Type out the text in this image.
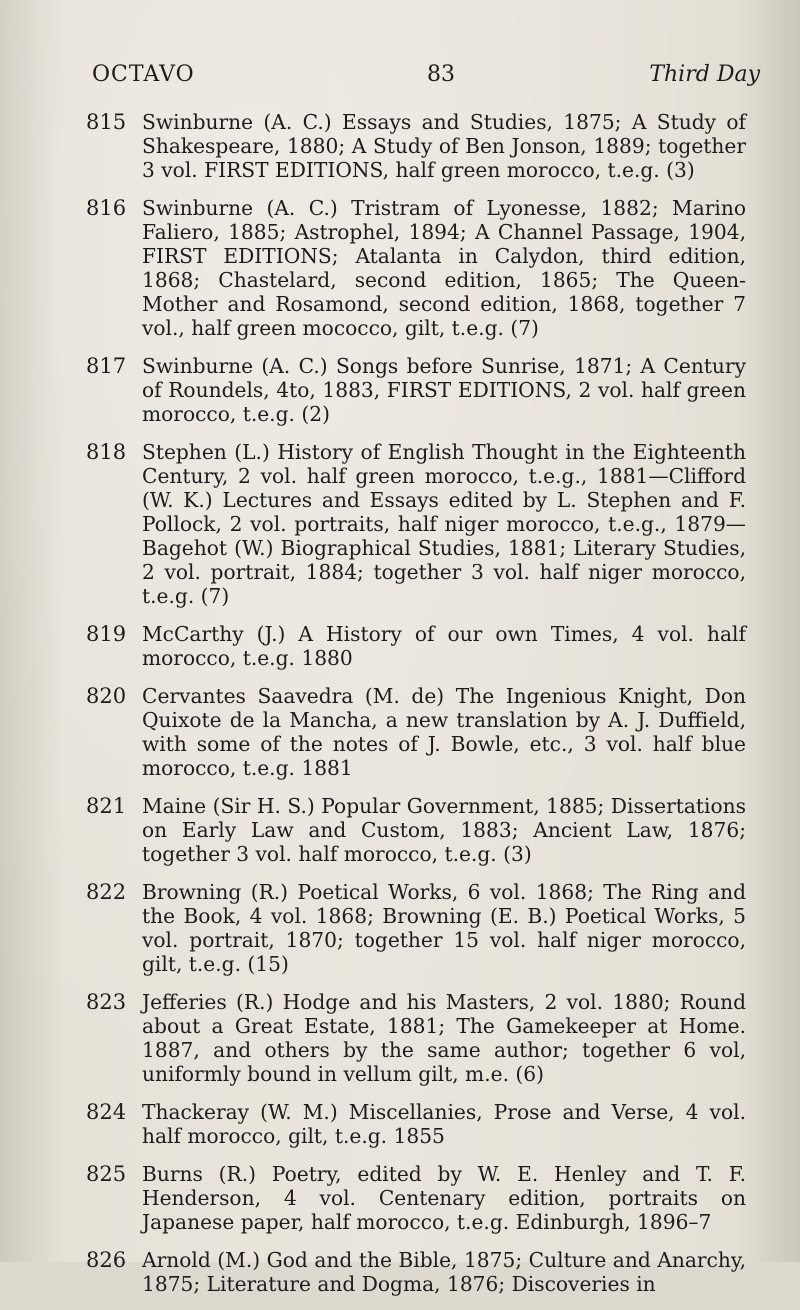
OCTAVO	83	Third Day
815 Swinburne (A. C.) Essays and Studies, 1875; A Study of Shakespeare, 1880; A Study of Ben Jonson, 1889; together 3 vol. FIRST EDITIONS, half green morocco, t.e.g. (3)
816 Swinburne (A. C.) Tristram of Lyonesse, 1882; Marino Faliero, 1885; Astrophel, 1894; A Channel Passage, 1904, FIRST EDITIONS; Atalanta in Calydon, third edition, 1868; Chastelard, second edition, 1865; The Queen-Mother and Rosamond, second edition, 1868, together 7 vol., half green mococco, gilt, t.e.g. (7)
817 Swinburne (A. C.) Songs before Sunrise, 1871; A Century of Roundels, 4to, 1883, FIRST EDITIONS, 2 vol. half green morocco, t.e.g. (2)
818 Stephen (L.) History of English Thought in the Eighteenth Century, 2 vol. half green morocco, t.e.g., 1881—Clifford (W. K.) Lectures and Essays edited by L. Stephen and F. Pollock, 2 vol. portraits, half niger morocco, t.e.g., 1879—Bagehot (W.) Biographical Studies, 1881; Literary Studies, 2 vol. portrait, 1884; together 3 vol. half niger morocco, t.e.g. (7)
819 McCarthy (J.) A History of our own Times, 4 vol. half morocco, t.e.g. 1880
820 Cervantes Saavedra (M. de) The Ingenious Knight, Don Quixote de la Mancha, a new translation by A. J. Duffield, with some of the notes of J. Bowle, etc., 3 vol. half blue morocco, t.e.g. 1881
821 Maine (Sir H. S.) Popular Government, 1885; Dissertations on Early Law and Custom, 1883; Ancient Law, 1876; together 3 vol. half morocco, t.e.g. (3)
822 Browning (R.) Poetical Works, 6 vol. 1868; The Ring and the Book, 4 vol. 1868; Browning (E. B.) Poetical Works, 5 vol. portrait, 1870; together 15 vol. half niger morocco, gilt, t.e.g. (15)
823 Jefferies (R.) Hodge and his Masters, 2 vol. 1880; Round about a Great Estate, 1881; The Gamekeeper at Home. 1887, and others by the same author; together 6 vol, uniformly bound in vellum gilt, m.e. (6)
824 Thackeray (W. M.) Miscellanies, Prose and Verse, 4 vol. half morocco, gilt, t.e.g. 1855
825 Burns (R.) Poetry, edited by W. E. Henley and T. F. Henderson, 4 vol. Centenary edition, portraits on Japanese paper, half morocco, t.e.g. Edinburgh, 1896–7
826 Arnold (M.) God and the Bible, 1875; Culture and Anarchy, 1875; Literature and Dogma, 1876; Discoveries in
